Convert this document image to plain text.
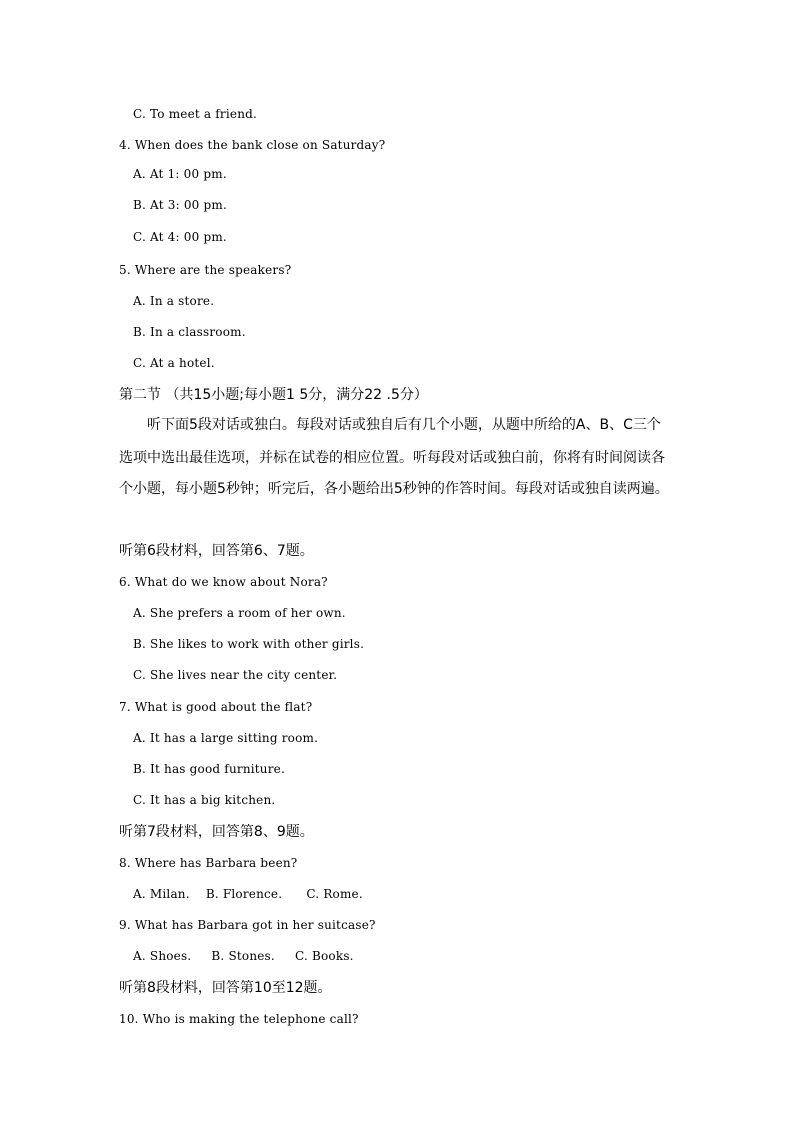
C. To meet a friend.
4. When does the bank close on Saturday?
A. At 1: 00 pm.
B. At 3: 00 pm.
C. At 4: 00 pm.
5. Where are the speakers?
A. In a store.
B. In a classroom.
C. At a hotel.
第二节 （共15小题;每小题1 5分，满分22 .5分）
听下面5段对话或独白。每段对话或独自后有几个小题，从题中所给的A、B、C三个
选项中选出最佳选项，并标在试卷的相应位置。听每段对话或独白前，你将有时间阅读各
个小题，每小题5秒钟；听完后，各小题给出5秒钟的作答时间。每段对话或独自读两遍。
听第6段材料，回答第6、7题。
6. What do we know about Nora?
A. She prefers a room of her own.
B. She likes to work with other girls.
C. She lives near the city center.
7. What is good about the flat?
A. It has a large sitting room.
B. It has good furniture.
C. It has a big kitchen.
听第7段材料，回答第8、9题。
8. Where has Barbara been?
A. Milan.    B. Florence.      C. Rome.
9. What has Barbara got in her suitcase?
A. Shoes.     B. Stones.     C. Books.
听第8段材料，回答第10至12题。
10. Who is making the telephone call?
